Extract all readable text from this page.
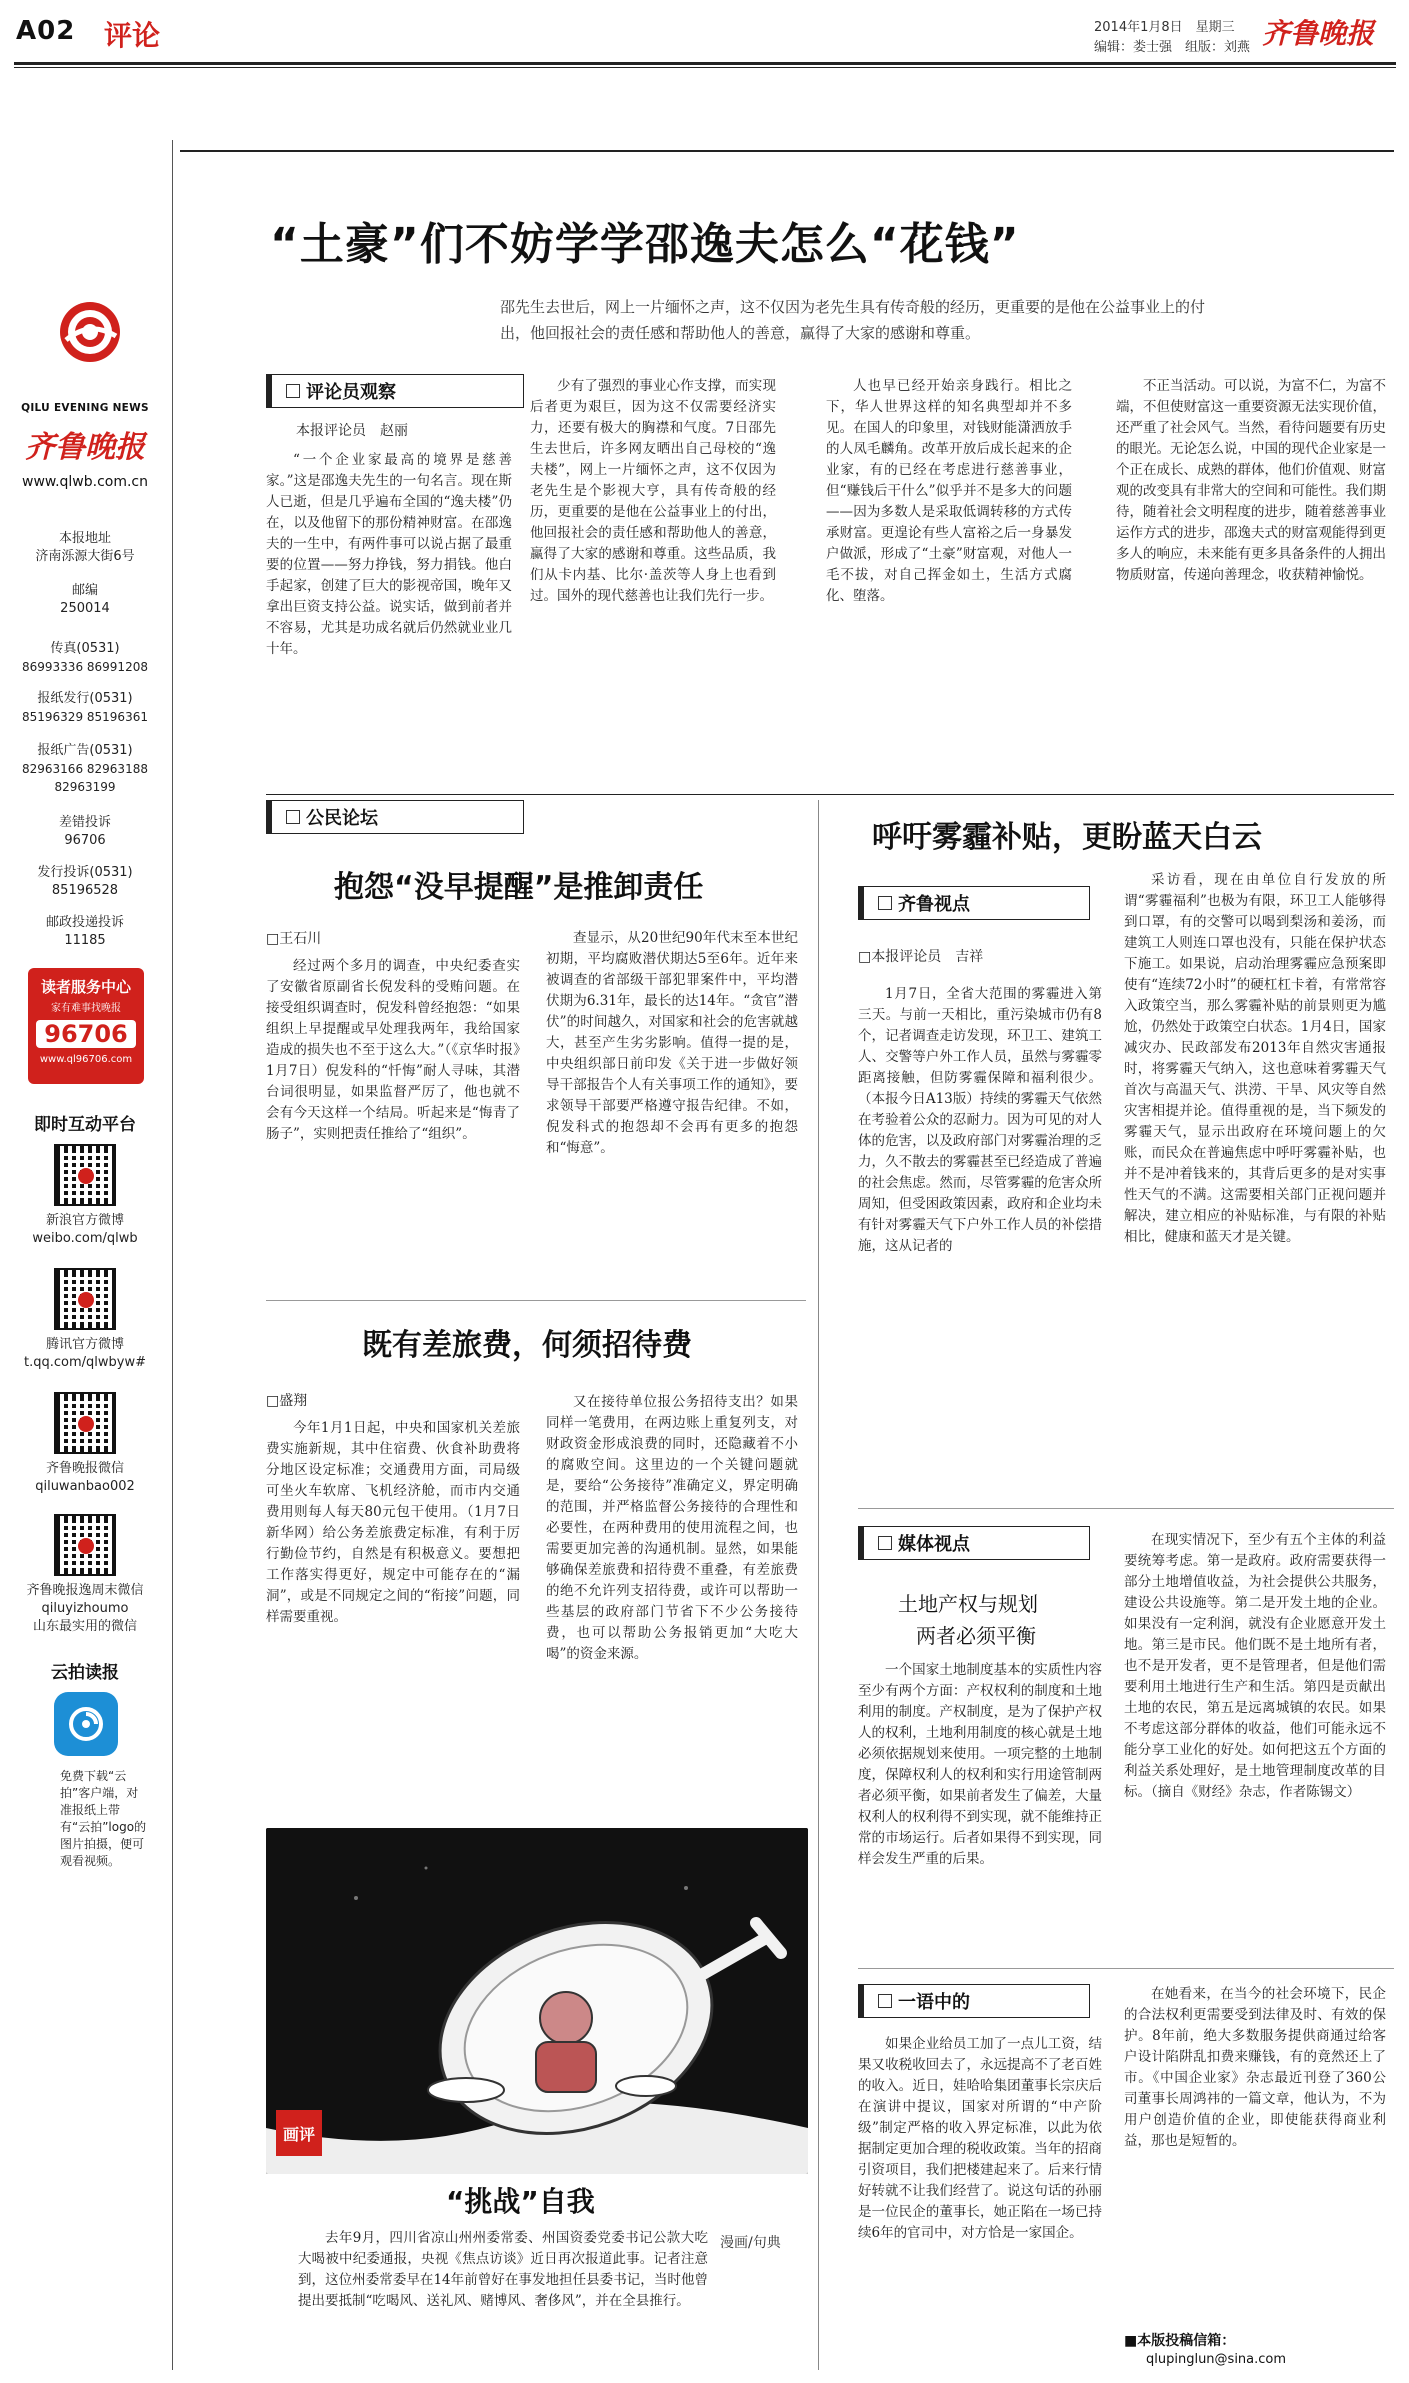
A02 评论	2014年1月8日　星期三
编辑：娄士强　组版：刘燕 齐鲁晚报
QILU EVENING NEWS
齐鲁晚报
www.qlwb.com.cn
本报地址
济南泺源大街6号
邮编
250014
传真(0531)
86993336 86991208
报纸发行(0531)
85196329 85196361
报纸广告(0531)
82963166 82963188 82963199
差错投诉
96706
发行投诉(0531)
85196528
邮政投递投诉
11185
读者服务中心
家有难事找晚报
96706
www.ql96706.com
即时互动平台
新浪官方微博
weibo.com/qlwb
腾讯官方微博
t.qq.com/qlwbyw#
齐鲁晚报微信
qiluwanbao002
齐鲁晚报逸周末微信
qiluyizhoumo
山东最实用的微信
云拍读报
免费下载“云拍”客户端，对准报纸上带有“云拍”logo的图片拍摄，便可观看视频。
“土豪”们不妨学学邵逸夫怎么“花钱”
邵先生去世后，网上一片缅怀之声，这不仅因为老先生具有传奇般的经历，更重要的是他在公益事业上的付出，他回报社会的责任感和帮助他人的善意，赢得了大家的感谢和尊重。
评论员观察
本报评论员　赵丽

“一个企业家最高的境界是慈善家。”这是邵逸夫先生的一句名言。现在斯人已逝，但是几乎遍布全国的“逸夫楼”仍在，以及他留下的那份精神财富。在邵逸夫的一生中，有两件事可以说占据了最重要的位置——努力挣钱，努力捐钱。他白手起家，创建了巨大的影视帝国，晚年又拿出巨资支持公益。说实话，做到前者并不容易，尤其是功成名就后仍然就业业几十年。

少有了强烈的事业心作支撑，而实现后者更为艰巨，因为这不仅需要经济实力，还要有极大的胸襟和气度。7日邵先生去世后，许多网友晒出自己母校的“逸夫楼”，网上一片缅怀之声，这不仅因为老先生是个影视大亨，具有传奇般的经历，更重要的是他在公益事业上的付出，他回报社会的责任感和帮助他人的善意，赢得了大家的感谢和尊重。这些品质，我们从卡内基、比尔·盖茨等人身上也看到过。国外的现代慈善也让我们先行一步。

人也早已经开始亲身践行。相比之下，华人世界这样的知名典型却并不多见。在国人的印象里，对钱财能潇洒放手的人凤毛麟角。改革开放后成长起来的企业家，有的已经在考虑进行慈善事业，但“赚钱后干什么”似乎并不是多大的问题——因为多数人是采取低调转移的方式传承财富。更遑论有些人富裕之后一身暴发户做派，形成了“土豪”财富观，对他人一毛不拔，对自己挥金如土，生活方式腐化、堕落。

不正当活动。可以说，为富不仁，为富不端，不但使财富这一重要资源无法实现价值，还严重了社会风气。当然，看待问题要有历史的眼光。无论怎么说，中国的现代企业家是一个正在成长、成熟的群体，他们价值观、财富观的改变具有非常大的空间和可能性。我们期待，随着社会文明程度的进步，随着慈善事业运作方式的进步，邵逸夫式的财富观能得到更多人的响应，未来能有更多具备条件的人拥出物质财富，传递向善理念，收获精神愉悦。

公民论坛
抱怨“没早提醒”是推卸责任
□王石川

经过两个多月的调查，中央纪委查实了安徽省原副省长倪发科的受贿问题。在接受组织调查时，倪发科曾经抱怨：“如果组织上早提醒或早处理我两年，我给国家造成的损失也不至于这么大。”（《京华时报》1月7日）倪发科的“忏悔”耐人寻味，其潜台词很明显，如果监督严厉了，他也就不会有今天这样一个结局。听起来是“悔青了肠子”，实则把责任推给了“组织”。

查显示，从20世纪90年代末至本世纪初期，平均腐败潜伏期达5至6年。近年来被调查的省部级干部犯罪案件中，平均潜伏期为6.31年，最长的达14年。“贪官”潜伏”的时间越久，对国家和社会的危害就越大，甚至产生劣劣影响。值得一提的是，中央组织部日前印发《关于进一步做好领导干部报告个人有关事项工作的通知》，要求领导干部要严格遵守报告纪律。不如，倪发科式的抱怨却不会再有更多的抱怨和“悔意”。

既有差旅费，何须招待费
□盛翔

今年1月1日起，中央和国家机关差旅费实施新规，其中住宿费、伙食补助费将分地区设定标准；交通费用方面，司局级可坐火车软席、飞机经济舱，而市内交通费用则每人每天80元包干使用。（1月7日新华网）给公务差旅费定标准，有利于厉行勤俭节约，自然是有积极意义。要想把工作落实得更好，规定中可能存在的“漏洞”，或是不同规定之间的“衔接”问题，同样需要重视。

又在接待单位报公务招待支出？如果同样一笔费用，在两边账上重复列支，对财政资金形成浪费的同时，还隐藏着不小的腐败空间。这里边的一个关键问题就是，要给“公务接待”准确定义，界定明确的范围，并严格监督公务接待的合理性和必要性，在两种费用的使用流程之间，也需要更加完善的沟通机制。显然，如果能够确保差旅费和招待费不重叠，有差旅费的绝不允许列支招待费，或许可以帮助一些基层的政府部门节省下不少公务接待费，也可以帮助公务报销更加“大吃大喝”的资金来源。

画评
“挑战”自我
漫画/句典
去年9月，四川省凉山州州委常委、州国资委党委书记公款大吃大喝被中纪委通报，央视《焦点访谈》近日再次报道此事。记者注意到，这位州委常委早在14年前曾好在事发地担任县委书记，当时他曾提出要抵制“吃喝风、送礼风、赌博风、奢侈风”，并在全县推行。
呼吁雾霾补贴，更盼蓝天白云
齐鲁视点
□本报评论员　吉祥

1月7日，全省大范围的雾霾进入第三天。与前一天相比，重污染城市仍有8个，记者调查走访发现，环卫工、建筑工人、交警等户外工作人员，虽然与雾霾零距离接触，但防雾霾保障和福利很少。（本报今日A13版）持续的雾霾天气依然在考验着公众的忍耐力。因为可见的对人体的危害，以及政府部门对雾霾治理的乏力，久不散去的雾霾甚至已经造成了普遍的社会焦虑。然而，尽管雾霾的危害众所周知，但受困政策因素，政府和企业均未有针对雾霾天气下户外工作人员的补偿措施，这从记者的

采访看，现在由单位自行发放的所谓“雾霾福利”也极为有限，环卫工人能够得到口罩，有的交警可以喝到梨汤和姜汤，而建筑工人则连口罩也没有，只能在保护状态下施工。如果说，启动治理雾霾应急预案即使有“连续72小时”的硬杠杠卡着，有常常容入政策空当，那么雾霾补贴的前景则更为尴尬，仍然处于政策空白状态。1月4日，国家减灾办、民政部发布2013年自然灾害通报时，将雾霾天气纳入，这也意味着雾霾天气首次与高温天气、洪涝、干旱、风灾等自然灾害相提并论。值得重视的是，当下频发的雾霾天气，显示出政府在环境问题上的欠账，而民众在普遍焦虑中呼吁雾霾补贴，也并不是冲着钱来的，其背后更多的是对实事性天气的不满。这需要相关部门正视问题并解决，建立相应的补贴标准，与有限的补贴相比，健康和蓝天才是关键。

媒体视点
土地产权与规划
两者必须平衡

一个国家土地制度基本的实质性内容至少有两个方面：产权权利的制度和土地利用的制度。产权制度，是为了保护产权人的权利，土地利用制度的核心就是土地必须依据规划来使用。一项完整的土地制度，保障权利人的权利和实行用途管制两者必须平衡，如果前者发生了偏差，大量权利人的权利得不到实现，就不能维持正常的市场运行。后者如果得不到实现，同样会发生严重的后果。

在现实情况下，至少有五个主体的利益要统筹考虑。第一是政府。政府需要获得一部分土地增值收益，为社会提供公共服务，建设公共设施等。第二是开发土地的企业。如果没有一定利润，就没有企业愿意开发土地。第三是市民。他们既不是土地所有者，也不是开发者，更不是管理者，但是他们需要利用土地进行生产和生活。第四是贡献出土地的农民，第五是远离城镇的农民。如果不考虑这部分群体的收益，他们可能永远不能分享工业化的好处。如何把这五个方面的利益关系处理好，是土地管理制度改革的目标。（摘自《财经》杂志，作者陈锡文）

一语中的

如果企业给员工加了一点儿工资，结果又收税收回去了，永远提高不了老百姓的收入。近日，娃哈哈集团董事长宗庆后在演讲中提议，国家对所谓的“中产阶级”制定严格的收入界定标准，以此为依据制定更加合理的税收政策。当年的招商引资项目，我们把楼建起来了。后来行情好转就不让我们经营了。说这句话的孙丽是一位民企的董事长，她正陷在一场已持续6年的官司中，对方恰是一家国企。

在她看来，在当今的社会环境下，民企的合法权利更需要受到法律及时、有效的保护。8年前，绝大多数服务提供商通过给客户设计陷阱乱扣费来赚钱，有的竟然还上了市。《中国企业家》杂志最近刊登了360公司董事长周鸿祎的一篇文章，他认为，不为用户创造价值的企业，即使能获得商业利益，那也是短暂的。

■本版投稿信箱：
qlupinglun@sina.com
